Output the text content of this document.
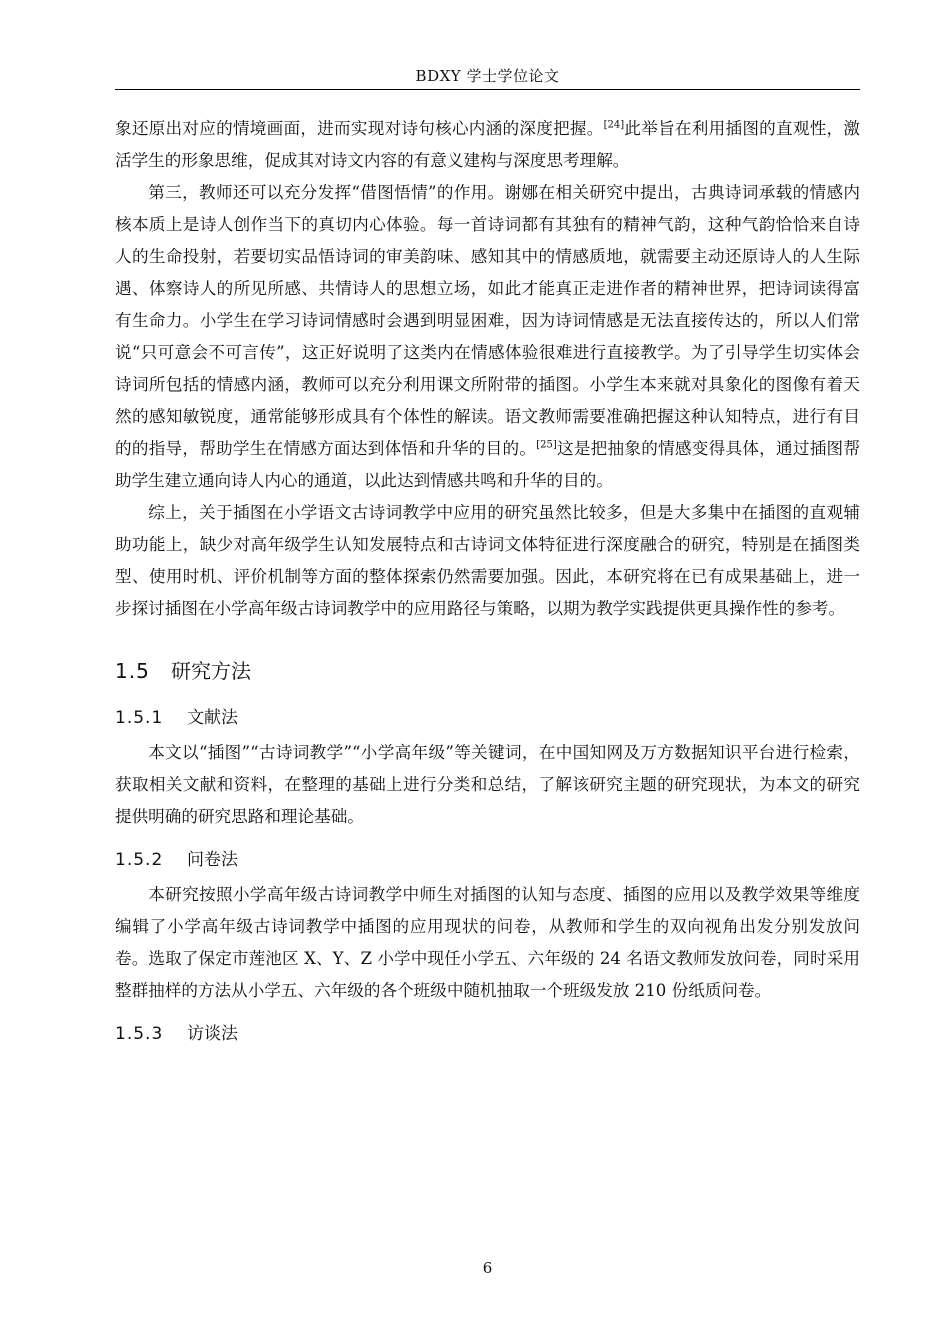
BDXY 学士学位论文

象还原出对应的情境画面，进而实现对诗句核心内涵的深度把握。[24]此举旨在利用插图的直观性，激活学生的形象思维，促成其对诗文内容的有意义建构与深度思考理解。

第三，教师还可以充分发挥“借图悟情”的作用。谢娜在相关研究中提出，古典诗词承载的情感内核本质上是诗人创作当下的真切内心体验。每一首诗词都有其独有的精神气韵，这种气韵恰恰来自诗人的生命投射，若要切实品悟诗词的审美韵味、感知其中的情感质地，就需要主动还原诗人的人生际遇、体察诗人的所见所感、共情诗人的思想立场，如此才能真正走进作者的精神世界，把诗词读得富有生命力。小学生在学习诗词情感时会遇到明显困难，因为诗词情感是无法直接传达的，所以人们常说“只可意会不可言传”，这正好说明了这类内在情感体验很难进行直接教学。为了引导学生切实体会诗词所包括的情感内涵，教师可以充分利用课文所附带的插图。小学生本来就对具象化的图像有着天然的感知敏锐度，通常能够形成具有个体性的解读。语文教师需要准确把握这种认知特点，进行有目的的指导，帮助学生在情感方面达到体悟和升华的目的。[25]这是把抽象的情感变得具体，通过插图帮助学生建立通向诗人内心的通道，以此达到情感共鸣和升华的目的。

综上，关于插图在小学语文古诗词教学中应用的研究虽然比较多，但是大多集中在插图的直观辅助功能上，缺少对高年级学生认知发展特点和古诗词文体特征进行深度融合的研究，特别是在插图类型、使用时机、评价机制等方面的整体探索仍然需要加强。因此，本研究将在已有成果基础上，进一步探讨插图在小学高年级古诗词教学中的应用路径与策略，以期为教学实践提供更具操作性的参考。

1.5 研究方法
1.5.1 文献法

本文以“插图”“古诗词教学”“小学高年级”等关键词，在中国知网及万方数据知识平台进行检索，获取相关文献和资料，在整理的基础上进行分类和总结，了解该研究主题的研究现状，为本文的研究提供明确的研究思路和理论基础。

1.5.2 问卷法

本研究按照小学高年级古诗词教学中师生对插图的认知与态度、插图的应用以及教学效果等维度编辑了小学高年级古诗词教学中插图的应用现状的问卷，从教师和学生的双向视角出发分别发放问卷。选取了保定市莲池区 X、Y、Z 小学中现任小学五、六年级的 24 名语文教师发放问卷，同时采用整群抽样的方法从小学五、六年级的各个班级中随机抽取一个班级发放 210 份纸质问卷。

1.5.3 访谈法
6
